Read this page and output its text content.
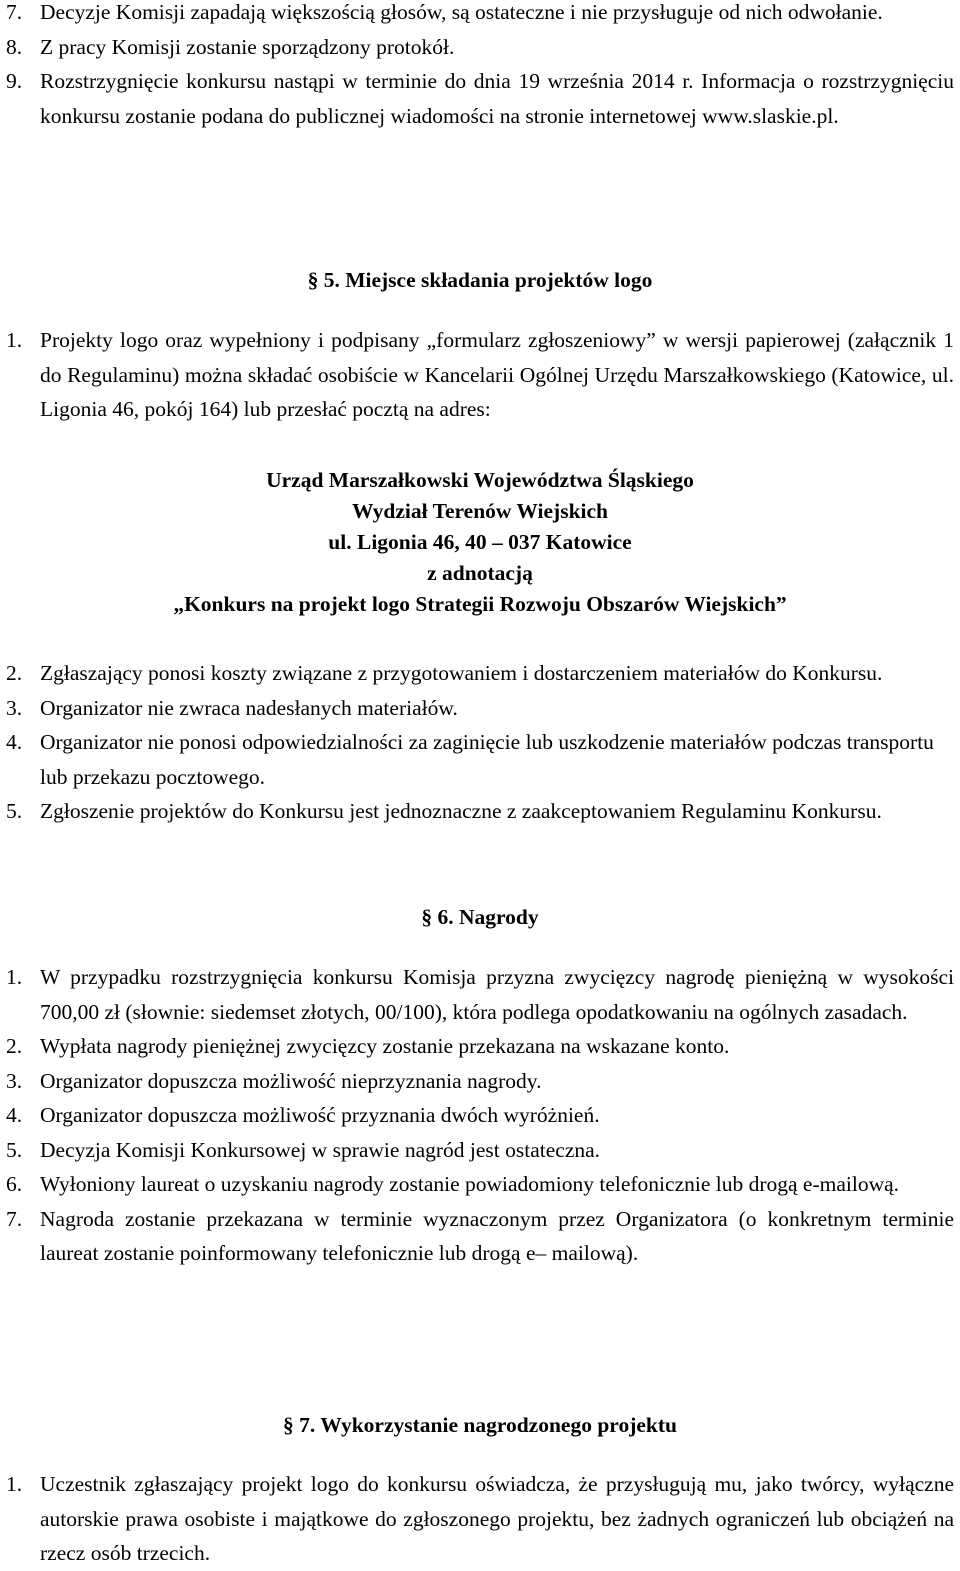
7. Decyzje Komisji zapadają większością głosów, są ostateczne i nie przysługuje od nich odwołanie.
8. Z pracy Komisji zostanie sporządzony protokół.
9. Rozstrzygnięcie konkursu nastąpi w terminie do dnia 19 września 2014 r. Informacja o rozstrzygnięciu konkursu zostanie podana do publicznej wiadomości na stronie internetowej www.slaskie.pl.
§ 5. Miejsce składania projektów logo
1. Projekty logo oraz wypełniony i podpisany „formularz zgłoszeniowy” w wersji papierowej (załącznik 1 do Regulaminu) można składać osobiście w Kancelarii Ogólnej Urzędu Marszałkowskiego (Katowice, ul. Ligonia 46, pokój 164) lub przesłać pocztą na adres:
Urząd Marszałkowski Województwa Śląskiego
Wydział Terenów Wiejskich
ul. Ligonia 46, 40 – 037 Katowice
z adnotacją
„Konkurs na projekt logo Strategii Rozwoju Obszarów Wiejskich”
2. Zgłaszający ponosi koszty związane z przygotowaniem i dostarczeniem materiałów do Konkursu.
3. Organizator nie zwraca nadesłanych materiałów.
4. Organizator nie ponosi odpowiedzialności za zaginięcie lub uszkodzenie materiałów podczas transportu lub przekazu pocztowego.
5. Zgłoszenie projektów do Konkursu jest jednoznaczne z zaakceptowaniem Regulaminu Konkursu.
§ 6. Nagrody
1. W przypadku rozstrzygnięcia konkursu Komisja przyzna zwycięzcy nagrodę pieniężną w wysokości 700,00 zł (słownie: siedemset złotych, 00/100), która podlega opodatkowaniu na ogólnych zasadach.
2. Wypłata nagrody pieniężnej zwycięzcy zostanie przekazana na wskazane konto.
3. Organizator dopuszcza możliwość nieprzyznania nagrody.
4. Organizator dopuszcza możliwość przyznania dwóch wyróżnień.
5. Decyzja Komisji Konkursowej w sprawie nagród jest ostateczna.
6. Wyłoniony laureat o uzyskaniu nagrody zostanie powiadomiony telefonicznie lub drogą e-mailową.
7. Nagroda zostanie przekazana w terminie wyznaczonym przez Organizatora (o konkretnym terminie laureat zostanie poinformowany telefonicznie lub drogą e– mailową).
§ 7. Wykorzystanie nagrodzonego projektu
1. Uczestnik zgłaszający projekt logo do konkursu oświadcza, że przysługują mu, jako twórcy, wyłączne autorskie prawa osobiste i majątkowe do zgłoszonego projektu, bez żadnych ograniczeń lub obciążeń na rzecz osób trzecich.
